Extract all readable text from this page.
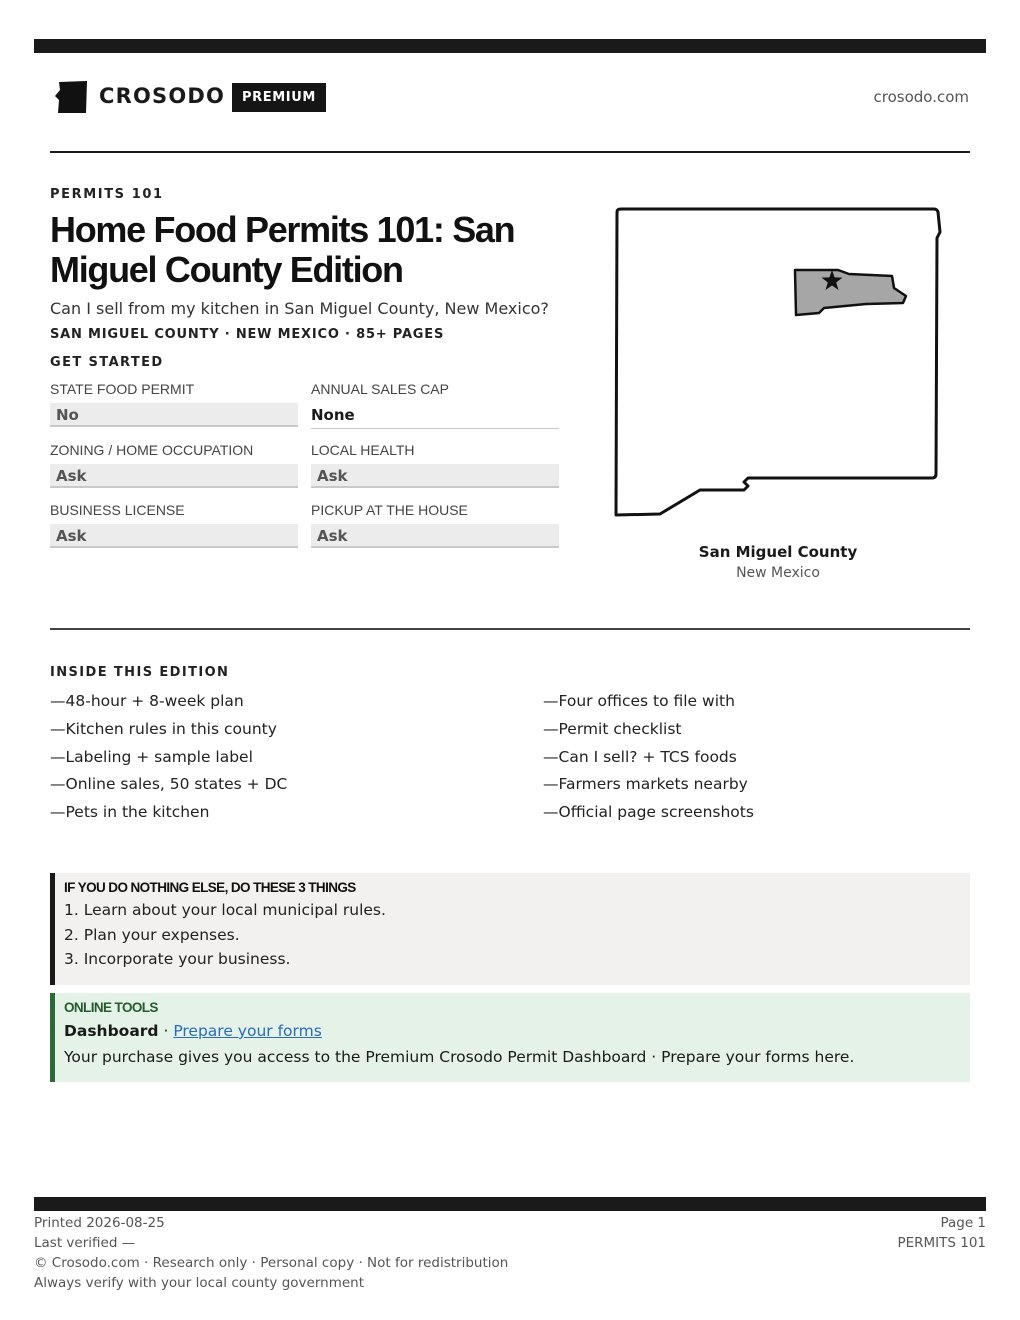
CROSODO	PREMIUM	crosodo.com
PERMITS 101
Home Food Permits 101: San Miguel County Edition
Can I sell from my kitchen in San Miguel County, New Mexico?
SAN MIGUEL COUNTY · NEW MEXICO · 85+ PAGES
GET STARTED
STATE FOOD PERMIT
No
ANNUAL SALES CAP
None
ZONING / HOME OCCUPATION
Ask
LOCAL HEALTH
Ask
BUSINESS LICENSE
Ask
PICKUP AT THE HOUSE
Ask
San Miguel County
New Mexico
INSIDE THIS EDITION
—48-hour + 8-week plan
—Kitchen rules in this county
—Labeling + sample label
—Online sales, 50 states + DC
—Pets in the kitchen
—Four offices to file with
—Permit checklist
—Can I sell? + TCS foods
—Farmers markets nearby
—Official page screenshots
IF YOU DO NOTHING ELSE, DO THESE 3 THINGS
1. Learn about your local municipal rules.
2. Plan your expenses.
3. Incorporate your business.
ONLINE TOOLS
Dashboard · Prepare your forms
Your purchase gives you access to the Premium Crosodo Permit Dashboard · Prepare your forms here.
Printed 2026-08-25
Last verified —
© Crosodo.com · Research only · Personal copy · Not for redistribution
Always verify with your local county government
Page 1
PERMITS 101
